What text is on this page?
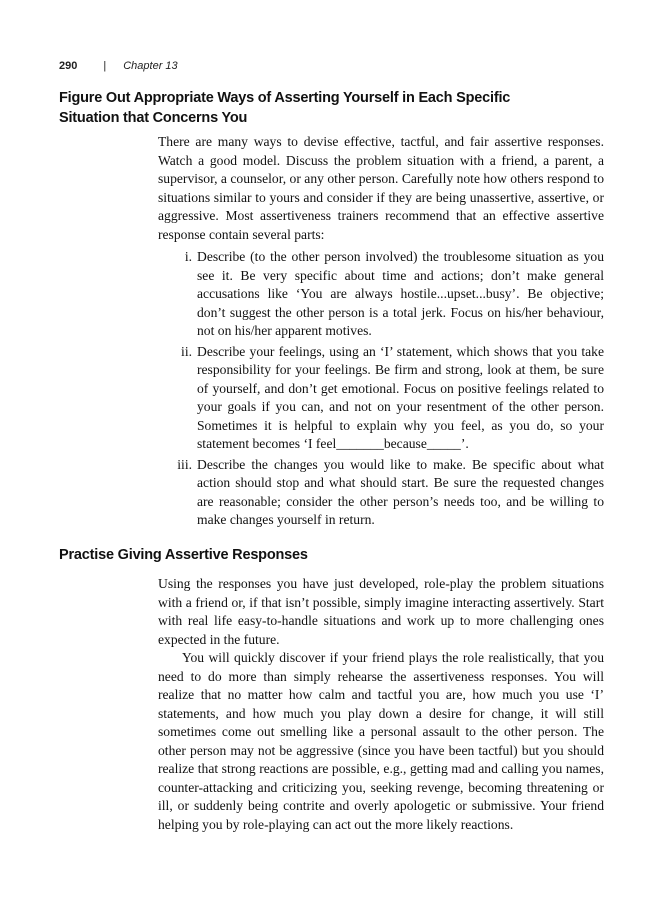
290 | Chapter 13
Figure Out Appropriate Ways of Asserting Yourself in Each Specific
Situation that Concerns You

There are many ways to devise effective, tactful, and fair assertive responses. Watch a good model. Discuss the problem situation with a friend, a parent, a supervisor, a counselor, or any other person. Carefully note how others respond to situations similar to yours and consider if they are being unassertive, assertive, or aggressive. Most assertiveness trainers recommend that an effective assertive response contain several parts:

i. Describe (to the other person involved) the troublesome situation as you see it. Be very specific about time and actions; don’t make general accusations like ‘You are always hostile...upset...busy’. Be objective; don’t suggest the other person is a total jerk. Focus on his/her behaviour, not on his/her apparent motives.
ii. Describe your feelings, using an ‘I’ statement, which shows that you take responsibility for your feelings. Be firm and strong, look at them, be sure of yourself, and don’t get emotional. Focus on positive feelings related to your goals if you can, and not on your resentment of the other person. Sometimes it is helpful to explain why you feel, as you do, so your statement becomes ‘I feel_______because_____’.
iii. Describe the changes you would like to make. Be specific about what action should stop and what should start. Be sure the requested changes are reasonable; consider the other person’s needs too, and be willing to make changes yourself in return.
Practise Giving Assertive Responses

Using the responses you have just developed, role-play the problem situations with a friend or, if that isn’t possible, simply imagine interacting assertively. Start with real life easy-to-handle situations and work up to more challenging ones expected in the future.

You will quickly discover if your friend plays the role realistically, that you need to do more than simply rehearse the assertiveness responses. You will realize that no matter how calm and tactful you are, how much you use ‘I’ statements, and how much you play down a desire for change, it will still sometimes come out smelling like a personal assault to the other person. The other person may not be aggressive (since you have been tactful) but you should realize that strong reactions are possible, e.g., getting mad and calling you names, counter-attacking and criticizing you, seeking revenge, becoming threatening or ill, or suddenly being contrite and overly apologetic or submissive. Your friend helping you by role-playing can act out the more likely reactions.
